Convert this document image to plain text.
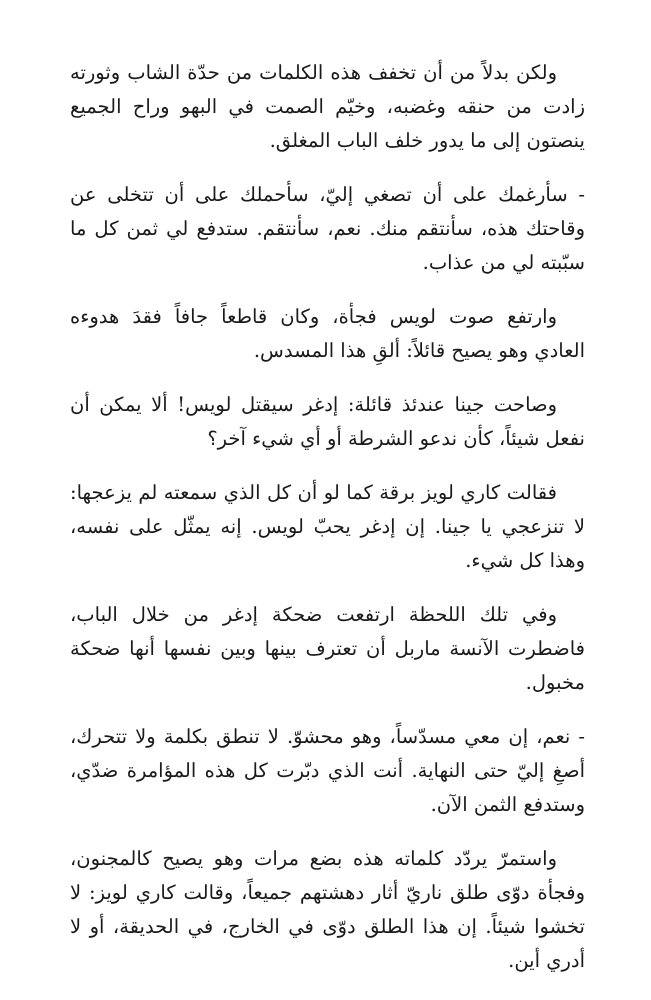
ولكن بدلاً من أن تخفف هذه الكلمات من حدّة الشاب وثورته زادت من حنقه وغضبه، وخيّم الصمت في البهو وراح الجميع ينصتون إلى ما يدور خلف الباب المغلق.

- سأرغمك على أن تصغي إليّ، سأحملك على أن تتخلى عن وقاحتك هذه، سأنتقم منك. نعم، سأنتقم. ستدفع لي ثمن كل ما سبّبته لي من عذاب.

وارتفع صوت لويس فجأة، وكان قاطعاً جافاً فقدَ هدوءه العادي وهو يصيح قائلاً: ألقِ هذا المسدس.

وصاحت جينا عندئذ قائلة: إدغر سيقتل لويس! ألا يمكن أن نفعل شيئاً، كأن ندعو الشرطة أو أي شيء آخر؟

فقالت كاري لويز برقة كما لو أن كل الذي سمعته لم يزعجها: لا تنزعجي يا جينا. إن إدغر يحبّ لويس. إنه يمثّل على نفسه، وهذا كل شيء.

وفي تلك اللحظة ارتفعت ضحكة إدغر من خلال الباب، فاضطرت الآنسة ماربل أن تعترف بينها وبين نفسها أنها ضحكة مخبول.

- نعم، إن معي مسدّساً، وهو محشوّ. لا تنطق بكلمة ولا تتحرك، أصغِ إليّ حتى النهاية. أنت الذي دبّرت كل هذه المؤامرة ضدّي، وستدفع الثمن الآن.

واستمرّ يردّد كلماته هذه بضع مرات وهو يصيح كالمجنون، وفجأة دوّى طلق ناريّ أثار دهشتهم جميعاً، وقالت كاري لويز: لا تخشوا شيئاً. إن هذا الطلق دوّى في الخارج، في الحديقة، أو لا أدري أين.
